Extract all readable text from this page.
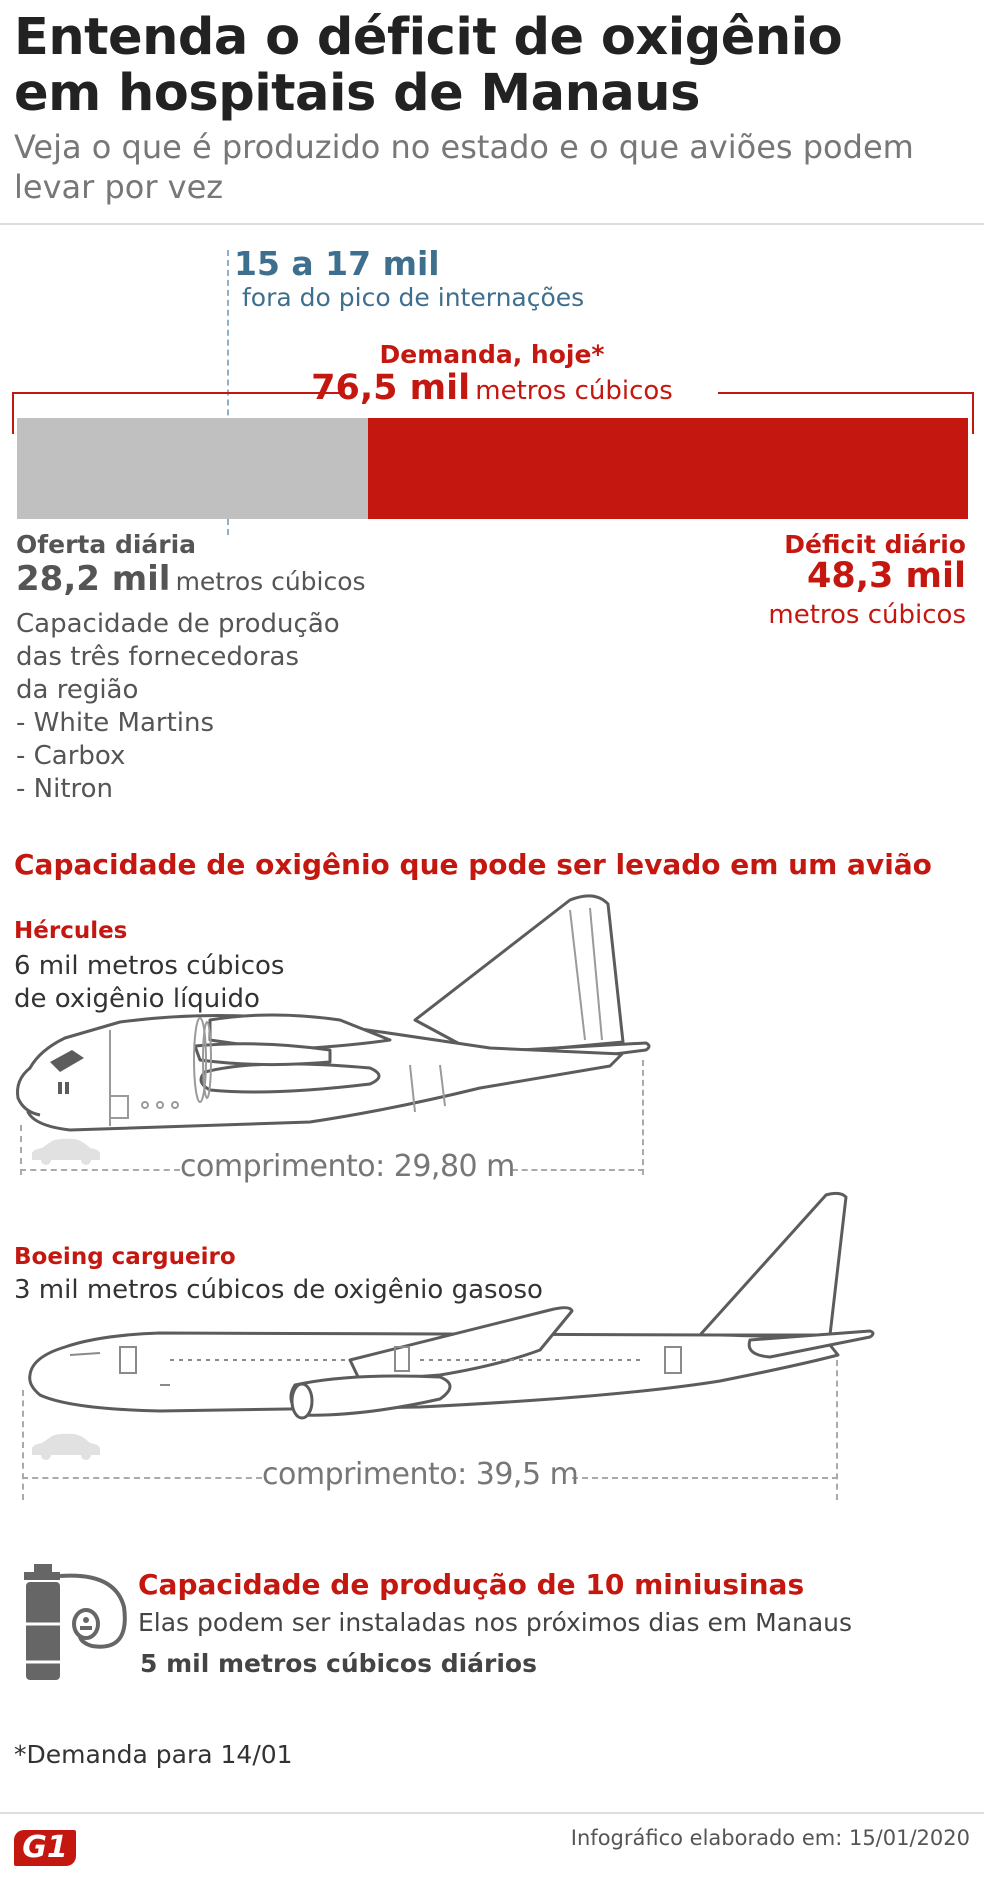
Entenda o déficit de oxigênio
em hospitais de Manaus
Veja o que é produzido no estado e o que aviões podem
levar por vez
15 a 17 mil
fora do pico de internações
Demanda, hoje*
76,5 mil metros cúbicos
Oferta diária
28,2 mil metros cúbicos
Capacidade de produção
das três fornecedoras
da região
- White Martins
- Carbox
- Nitron
Déficit diário
48,3 mil
metros cúbicos
Capacidade de oxigênio que pode ser levado em um avião
Hércules
6 mil metros cúbicos
de oxigênio líquido
comprimento: 29,80 m
Boeing cargueiro
3 mil metros cúbicos de oxigênio gasoso
comprimento: 39,5 m
Capacidade de produção de 10 miniusinas
Elas podem ser instaladas nos próximos dias em Manaus
5 mil metros cúbicos diários
*Demanda para 14/01
G1	Infográfico elaborado em: 15/01/2020
